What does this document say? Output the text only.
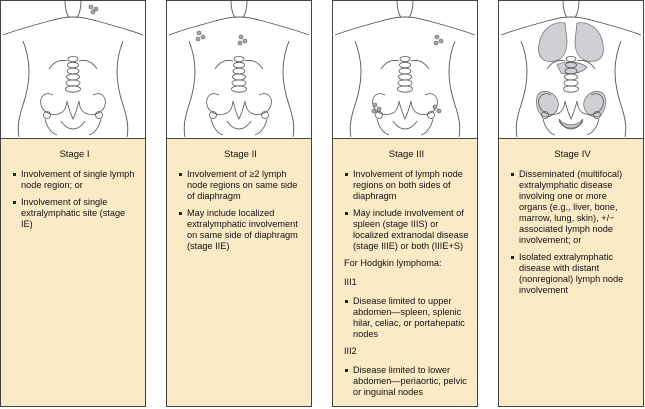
Stage I
Involvement of single lymph node region; or
Involvement of single extralymphatic site (stage IE)
Stage II
Involvement of ≥2 lymph node regions on same side of diaphragm
May include localized extralymphatic involvement on same side of diaphragm (stage IIE)
Stage III
Involvement of lymph node regions on both sides of diaphragm
May include involvement of spleen (stage IIIS) or localized extranodal disease (stage IIIE) or both (IIIE+S)
For Hodgkin lymphoma:
III1
Disease limited to upper abdomen—spleen, splenic hilar, celiac, or portahepatic nodes
III2
Disease limited to lower abdomen—periaortic, pelvic or inguinal nodes
Stage IV
Disseminated (multifocal) extralymphatic disease involving one or more organs (e.g., liver, bone, marrow, lung, skin), +/− associated lymph node involvement; or
Isolated extralymphatic disease with distant (nonregional) lymph node involvement
